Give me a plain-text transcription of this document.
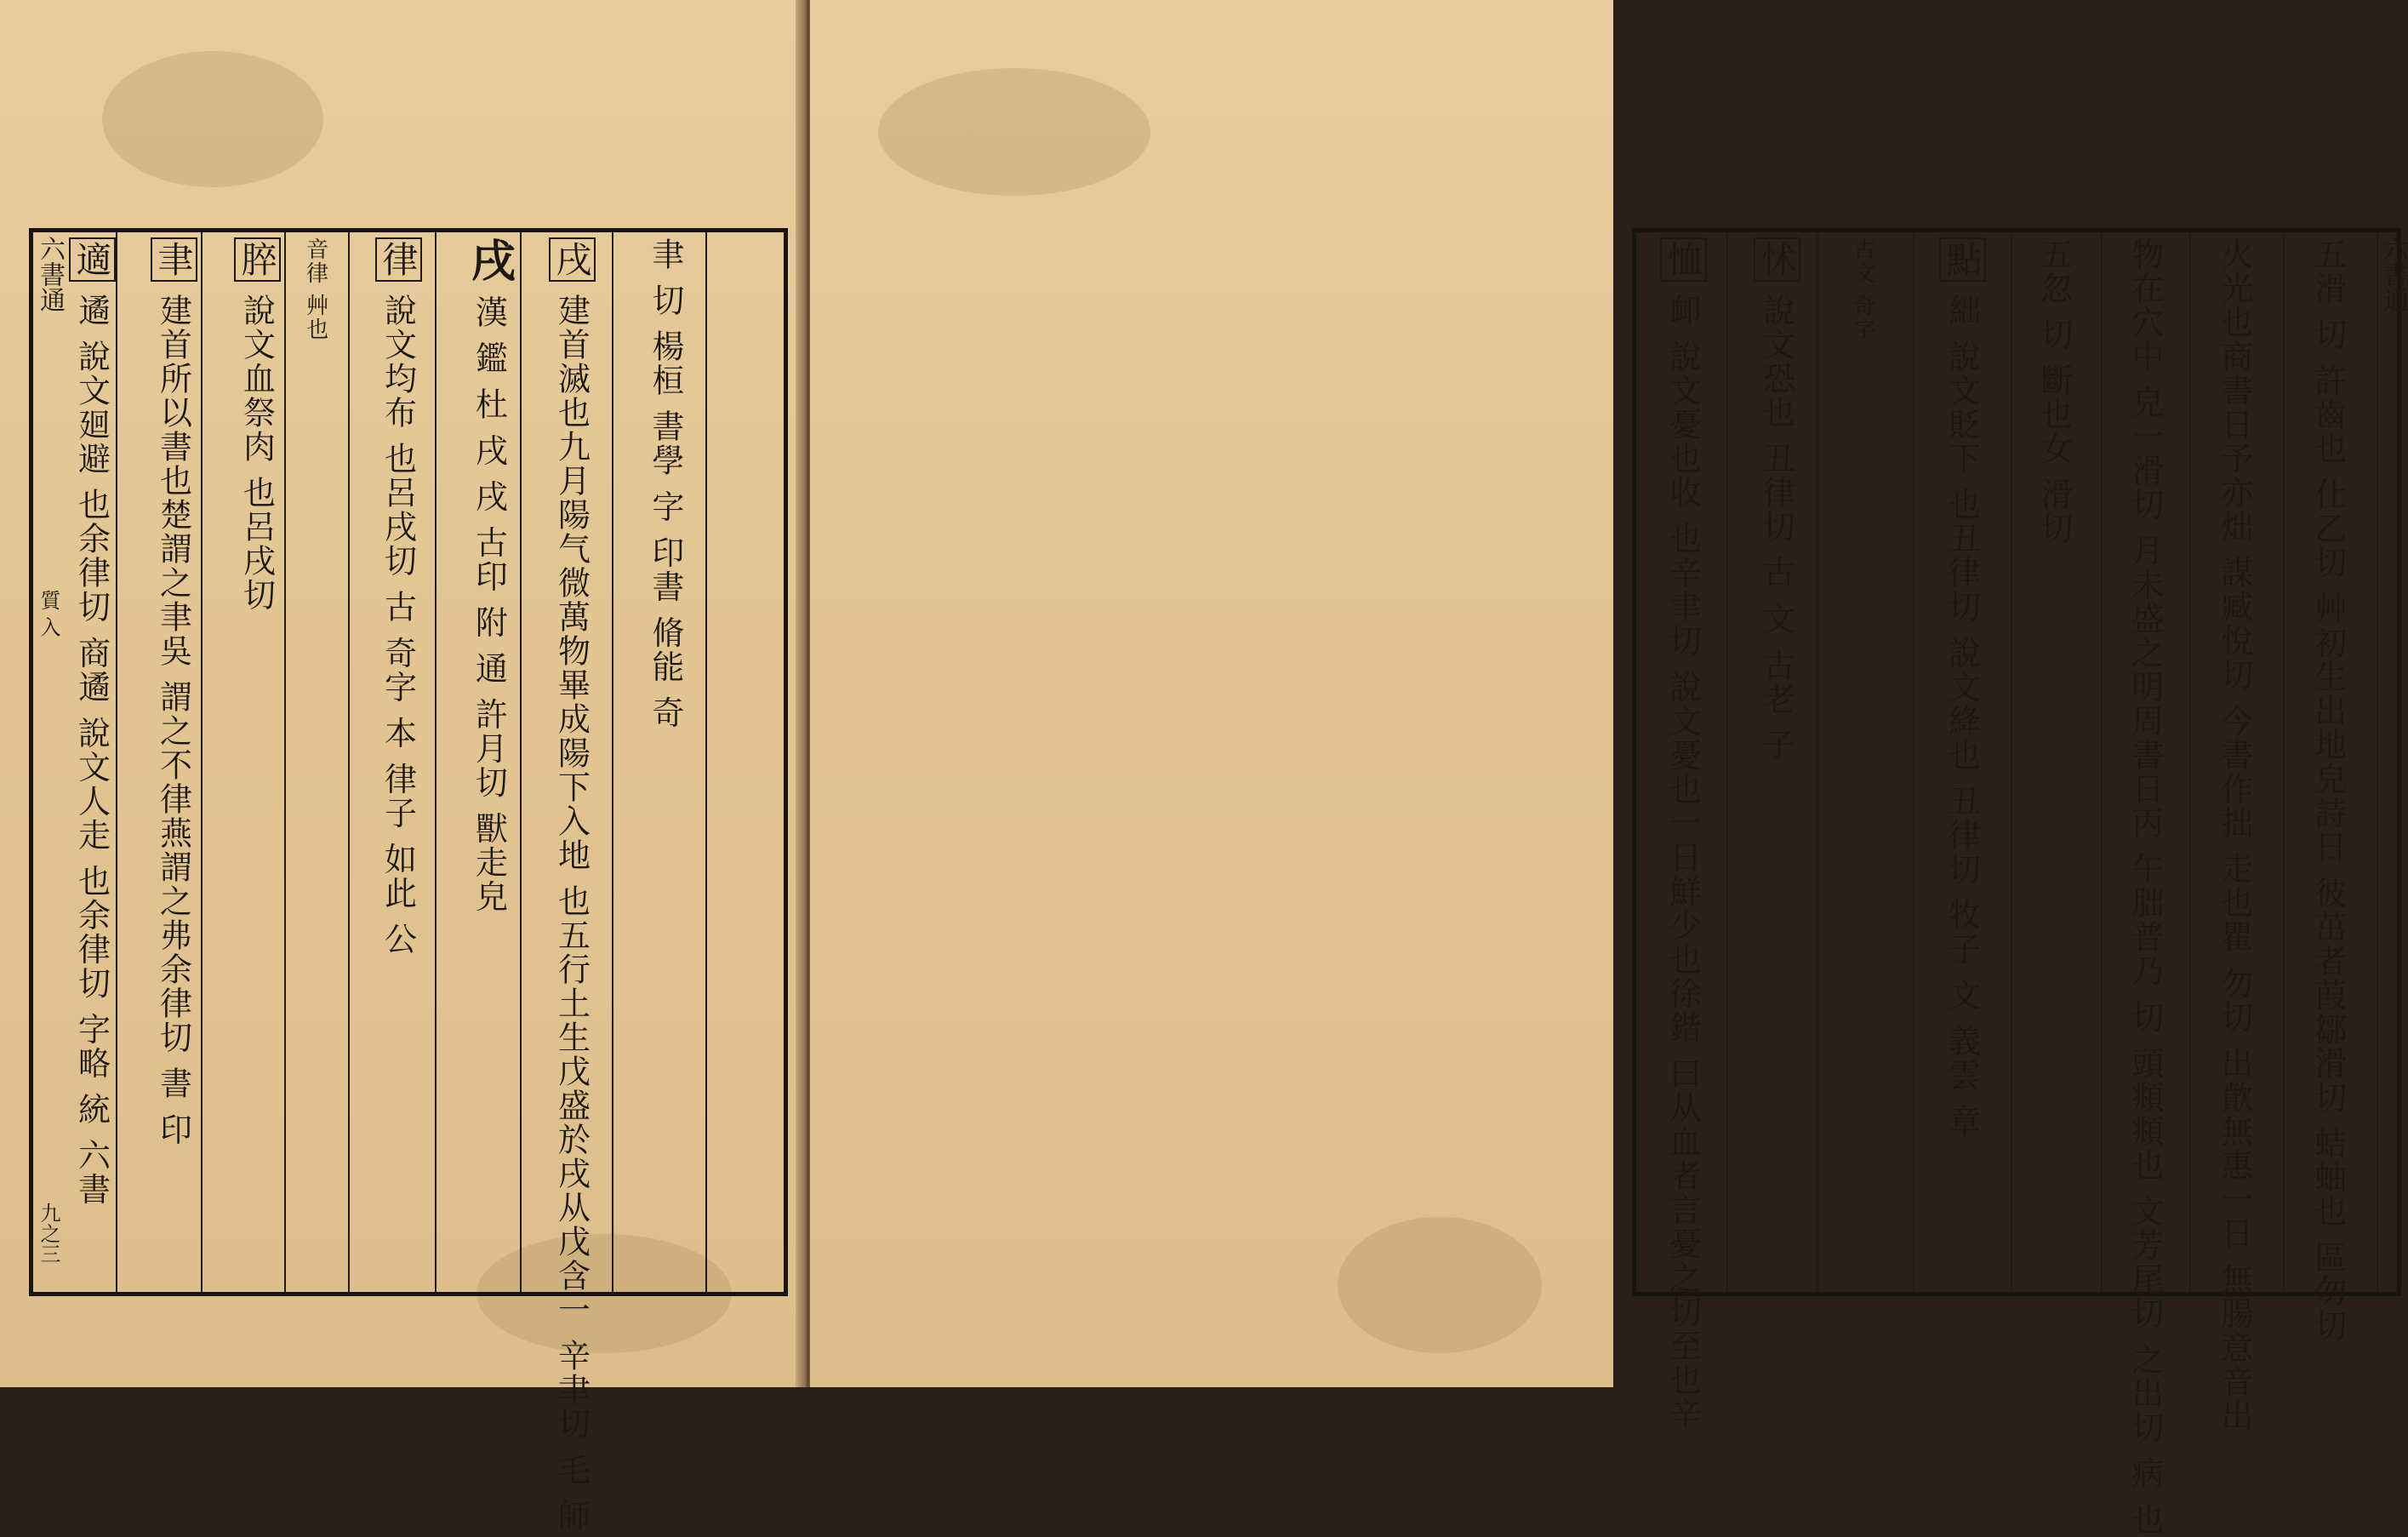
六書通
質 入
九之三
適 遹 說文廻避 也余律切 商遹 說文人走 也余律切 字略 統 六書
聿 建首所以書也楚謂之聿吳 謂之不律燕謂之弗余律切 書 印
脺 說文血祭肉 也呂戌切
音律 艸也 律 說文均布 也呂戌切 古 奇字 本 律子 如此 公
戌 漢 鑑 杜 戌 戌 古印 附 通 許月切 獸走皃
戌 建首滅也九月陽气微萬物畢成陽下入地 也五行土生戊盛於戌从戊含一 辛聿切 毛 師 聿 切 楊桓 書學 字 印書 脩能 奇	六書通
五滑 切 許齒也 仕乙切 艸初生出地皃詩日 彼茁者葭鄒滑切 蛣蚰也 區勿切
火光也商書日予亦炪 謀臧悅切 今書作拙 走也瞿 勿切 出歕無惠一日 無腸意音出
物在穴中 皃一滑切 月未盛之明周書日丙 午朏普乃 切 頭頫頫也 文芳尾切 之出切 病 也
五忽 切 斷也女 滑切
點 絀 說文貶下 也丑律切 說文絳也 丑律切 牧子 文 義雲 章
古文 奇字
怵 說文恐也 丑律切 古 文 古老 子
恤 卹 說文憂也收 也辛聿切 說文憂也一日鮮少也徐鍇 曰从血者言憂之切至也辛
